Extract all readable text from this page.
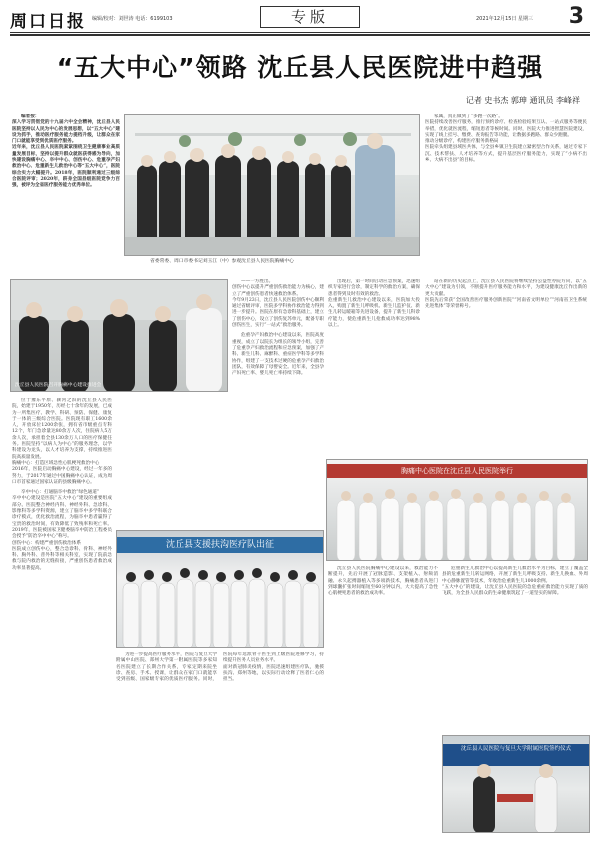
周口日报 编辑/校对：刘世涛 电话：6199103	专版	2021年12月15日 星期三 3
“五大中心”领路 沈丘县人民医院进中趋强
记者 史书杰 郭珅 通讯员 李峰祥

编者按：
深入学习贯彻党的十九届六中全会精神，沈丘县人民医院坚持以人民为中心的发展思想，以“五大中心”建设为抓手，推动医疗服务能力提档升级，让群众在家门口就能享受到优质医疗服务。
近年来，沈丘县人民医院紧紧围绕卫生健康事业高质量发展目标，坚持以提升群众就医获得感为导向，加快建设胸痛中心、卒中中心、创伤中心、危重孕产妇救治中心、危重新生儿救治中心等“五大中心”，医院综合实力大幅提升。2018年，医院顺利通过三级综合医院评审；2020年，跻身全国县级医院竞争力百强，被评为全省医疗服务能力优秀单位。

省委常委、周口市委书记刘玉江（中）参观沈丘县人民医院胸痛中心

家属，真正做到了“多跑一次路”。
医院持续改善医疗服务，推行预约诊疗、检查检验结果互认、一站式服务等便民举措，优化就医流程，缩短患者等候时间。同时，医院大力推进智慧医院建设，实现了线上挂号、缴费、查询报告等功能，让数据多跑路、群众少跑腿。
推动分级诊疗，构建医疗服务新格局
医院牵头组建县域医共体，与全县乡镇卫生院建立紧密型合作关系，通过专家下沉、技术帮扶、人才培养等方式，提升基层医疗服务能力，实现了“小病不出乡、大病不出县”的目标。

沈丘县人民医院召开胸痛中心建设推进会

——一方胜出。
创伤中心以提升严重创伤救治能力为核心，建立了严重创伤患者快速救治体系。
今年9月23日，沈丘县人民医院创伤中心顺利通过省级评审，医院多学科协作救治能力得到进一步提升。医院在原有急诊科基础上，建立了创伤中心，设立了创伤复苏单元，配备专职创伤医生，实行“一站式”救治服务。

危重孕产妇救治中心建设以来，医院高度重视，成立了以院长为组长的领导小组，完善了危重孕产妇救治流程和应急预案，加强了产科、新生儿科、麻醉科、重症医学科等多学科协作，组建了一支技术过硬的危重孕产妇救治团队，有效保障了母婴安全。近年来，全县孕产妇死亡率、婴儿死亡率持续下降。

出现后，第一时间启动应急预案，迅速组织专家进行会诊，制定科学的救治方案，确保患者得到及时有效的救治。
危重新生儿救治中心建设以来，医院加大投入，购置了新生儿呼吸机、新生儿监护仪、新生儿转运暖箱等先进设备，提升了新生儿科诊疗能力，使危重新生儿抢救成功率达到98%以上。

站在新的历史起点上，沈丘县人民医院将继续坚持公益性办院方向，以“五大中心”建设为引领，不断提升医疗服务能力和水平，为建设健康沈丘作出新的更大贡献。
医院先后荣获“全国改善医疗服务创新医院”“河南省文明单位”“河南省卫生系统先进集体”等荣誉称号。

位于豫东平原、颍河之滨的沈丘县人民医院，始建于1950年，历经七十余年的发展，已成为一所集医疗、教学、科研、预防、保健、康复于一体的三级综合医院。医院现有职工1600余人，开放床位1200余张，拥有省市级重点专科12个，年门急诊量达80余万人次，住院病人5万余人次，承担着全县130余万人口的医疗保健任务。医院坚持“以病人为中心”的服务理念，以学科建设为龙头，以人才培养为支撑，持续推进医院高质量发展。
胸痛中心：打造区域急性心肌梗死救治中心
2016年，医院启动胸痛中心建设，经过一年多的努力，于2017年通过中国胸痛中心认证，成为周口市首家通过国家认证的县级胸痛中心。

卒中中心：打通脑卒中救治“绿色通道”
卒中中心建设是医院“五大中心”建设的重要组成部分。医院整合神经内科、神经外科、急诊科、影像科等多学科资源，建立了脑卒中多学科联合诊疗模式，优化救治流程，为脑卒中患者赢得了宝贵的救治时间，有效降低了致残率和死亡率。2019年，医院被国家卫健委脑卒中防治工程委员会授予“防治卒中中心”称号。
创伤中心：构建严重创伤救治体系
医院成立创伤中心，整合急诊科、骨科、神经外科、胸外科、普外科等相关科室，实现了院前急救与院内救治的无缝衔接，严重创伤患者救治成功率显著提高。

胸痛中心医院在沈丘县人民医院举行
沈丘县支援扶沟医疗队出征

为进一步提高医疗服务水平，医院与复旦大学附属中山医院、郑州大学第一附属医院等多家知名医院建立了长期合作关系，专家定期来院坐诊、查房、手术、授课，让群众在家门口就能享受到省级、国家级专家的优质医疗服务。同时，医院每年选派骨干医生到上级医院进修学习，持续提升医务人员业务水平。
面对新冠肺炎疫情，医院迅速组建医疗队，驰援扶沟、郑州等地，以实际行动诠释了医者仁心的担当。

沈丘县人民医院胸痛中心建设以来，救治能力不断提升，先后开展了冠脉造影、支架植入、射频消融、永久起搏器植入等多项新技术，胸痛患者从进门到球囊扩张时间缩短至60分钟以内，大大提高了急性心肌梗死患者的救治成功率。

危重新生儿救治中心以提高新生儿救治水平为目标，建立了覆盖全县的危重新生儿转运网络，开展了新生儿呼吸支持、新生儿换血、外周中心静脉置管等技术，年收治危重新生儿1000余例。
“五大中心”的建设，让沈丘县人民医院的急危重症救治能力实现了质的飞跃，为全县人民群众的生命健康筑起了一道坚实的屏障。

沈丘县人民医院与复旦大学附属医院签约仪式
